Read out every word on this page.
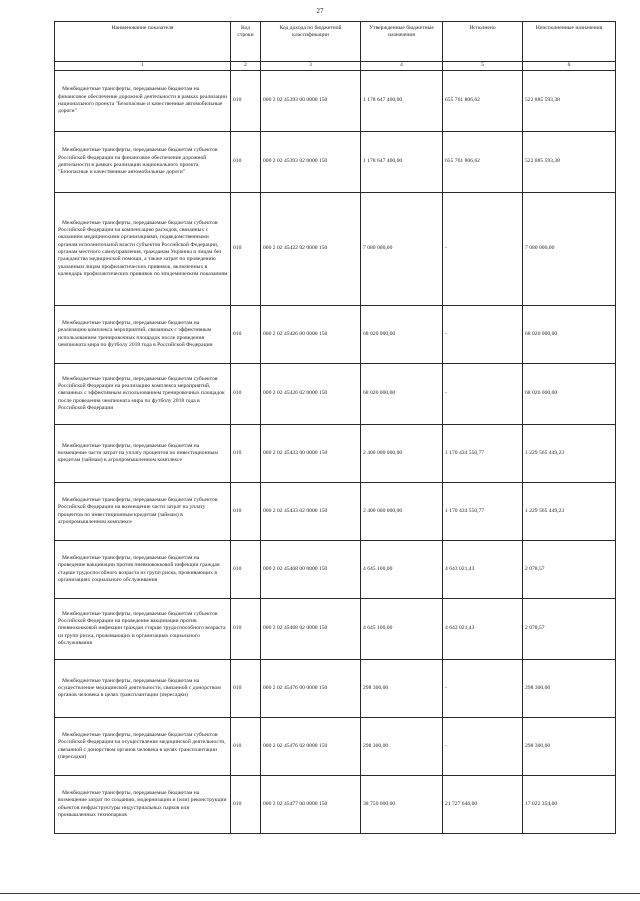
27
Наименование показателя	Код строки	Код дохода по бюджетной классификации	Утвержденные бюджетные назначения	Исполнено	Неисполненные назначения
1	2	3	4	5	6
Межбюджетные трансферты, передаваемые бюджетам на финансовое обеспечение дорожной деятельности в рамках реализации национального проекта "Безопасные и качественные автомобильные дороги"	010	000 2 02 45393 00 0000 150	1 178 647 400,00	655 761 806,62	522 885 593,38
Межбюджетные трансферты, передаваемые бюджетам субъектов Российской Федерации на финансовое обеспечение дорожной деятельности в рамках реализации национального проекта "Безопасные и качественные автомобильные дороги"	010	000 2 02 45393 02 0000 150	1 178 647 400,00	655 761 806,62	522 885 593,38
Межбюджетные трансферты, передаваемые бюджетам субъектов Российской Федерации на компенсацию расходов, связанных с оказанием медицинскими организациями, подведомственными органам исполнительной власти субъектов Российской Федерации, органам местного самоуправления, гражданам Украины и лицам без гражданства медицинской помощи, а также затрат по проведению указанным лицам профилактических прививок, включенных в календарь профилактических прививок по эпидемическим показаниям	010	000 2 02 45422 02 0000 150	7 080 000,00	-	7 080 000,00
Межбюджетные трансферты, передаваемые бюджетам на реализацию комплекса мероприятий, связанных с эффективным использованием тренировочных площадок после проведения чемпионата мира по футболу 2018 года в Российской Федерации	010	000 2 02 45426 00 0000 150	68 020 000,00	-	68 020 000,00
Межбюджетные трансферты, передаваемые бюджетам субъектов Российской Федерации на реализацию комплекса мероприятий, связанных с эффективным использованием тренировочных площадок после проведения чемпионата мира по футболу 2018 года в Российской Федерации	010	000 2 02 45426 02 0000 150	68 020 000,00	-	68 020 000,00
Межбюджетные трансферты, передаваемые бюджетам на возмещение части затрат на уплату процентов по инвестиционным кредитам (займам) в агропромышленном комплексе	010	000 2 02 45433 00 0000 150	2 400 000 000,00	1 170 434 550,77	1 229 565 449,23
Межбюджетные трансферты, передаваемые бюджетам субъектов Российской Федерации на возмещение части затрат на уплату процентов по инвестиционным кредитам (займам) в агропромышленном комплексе	010	000 2 02 45433 02 0000 150	2 400 000 000,00	1 170 434 550,77	1 229 565 449,23
Межбюджетные трансферты, передаваемые бюджетам на проведение вакцинации против пневмококковой инфекции граждан старше трудоспособного возраста из групп риска, проживающих в организациях социального обслуживания	010	000 2 02 45468 00 0000 150	4 645 100,00	4 643 021,43	2 078,57
Межбюджетные трансферты, передаваемые бюджетам субъектов Российской Федерации на проведение вакцинации против пневмококковой инфекции граждан старше трудоспособного возраста из групп риска, проживающих в организациях социального обслуживания	010	000 2 02 45468 02 0000 150	4 645 100,00	4 643 021,43	2 078,57
Межбюджетные трансферты, передаваемые бюджетам на осуществление медицинской деятельности, связанной с донорством органов человека в целях трансплантации (пересадки)	010	000 2 02 45476 00 0000 150	298 300,00	-	298 300,00
Межбюджетные трансферты, передаваемые бюджетам субъектов Российской Федерации на осуществление медицинской деятельности, связанной с донорством органов человека в целях трансплантации (пересадки)	010	000 2 02 45476 02 0000 150	298 300,00	-	298 300,00
Межбюджетные трансферты, передаваемые бюджетам на возмещение затрат по созданию, модернизации и (или) реконструкции объектов инфраструктуры индустриальных парков или промышленных технопарков	010	000 2 02 45477 00 0000 150	38 750 000,00	21 727 646,00	17 022 354,00
